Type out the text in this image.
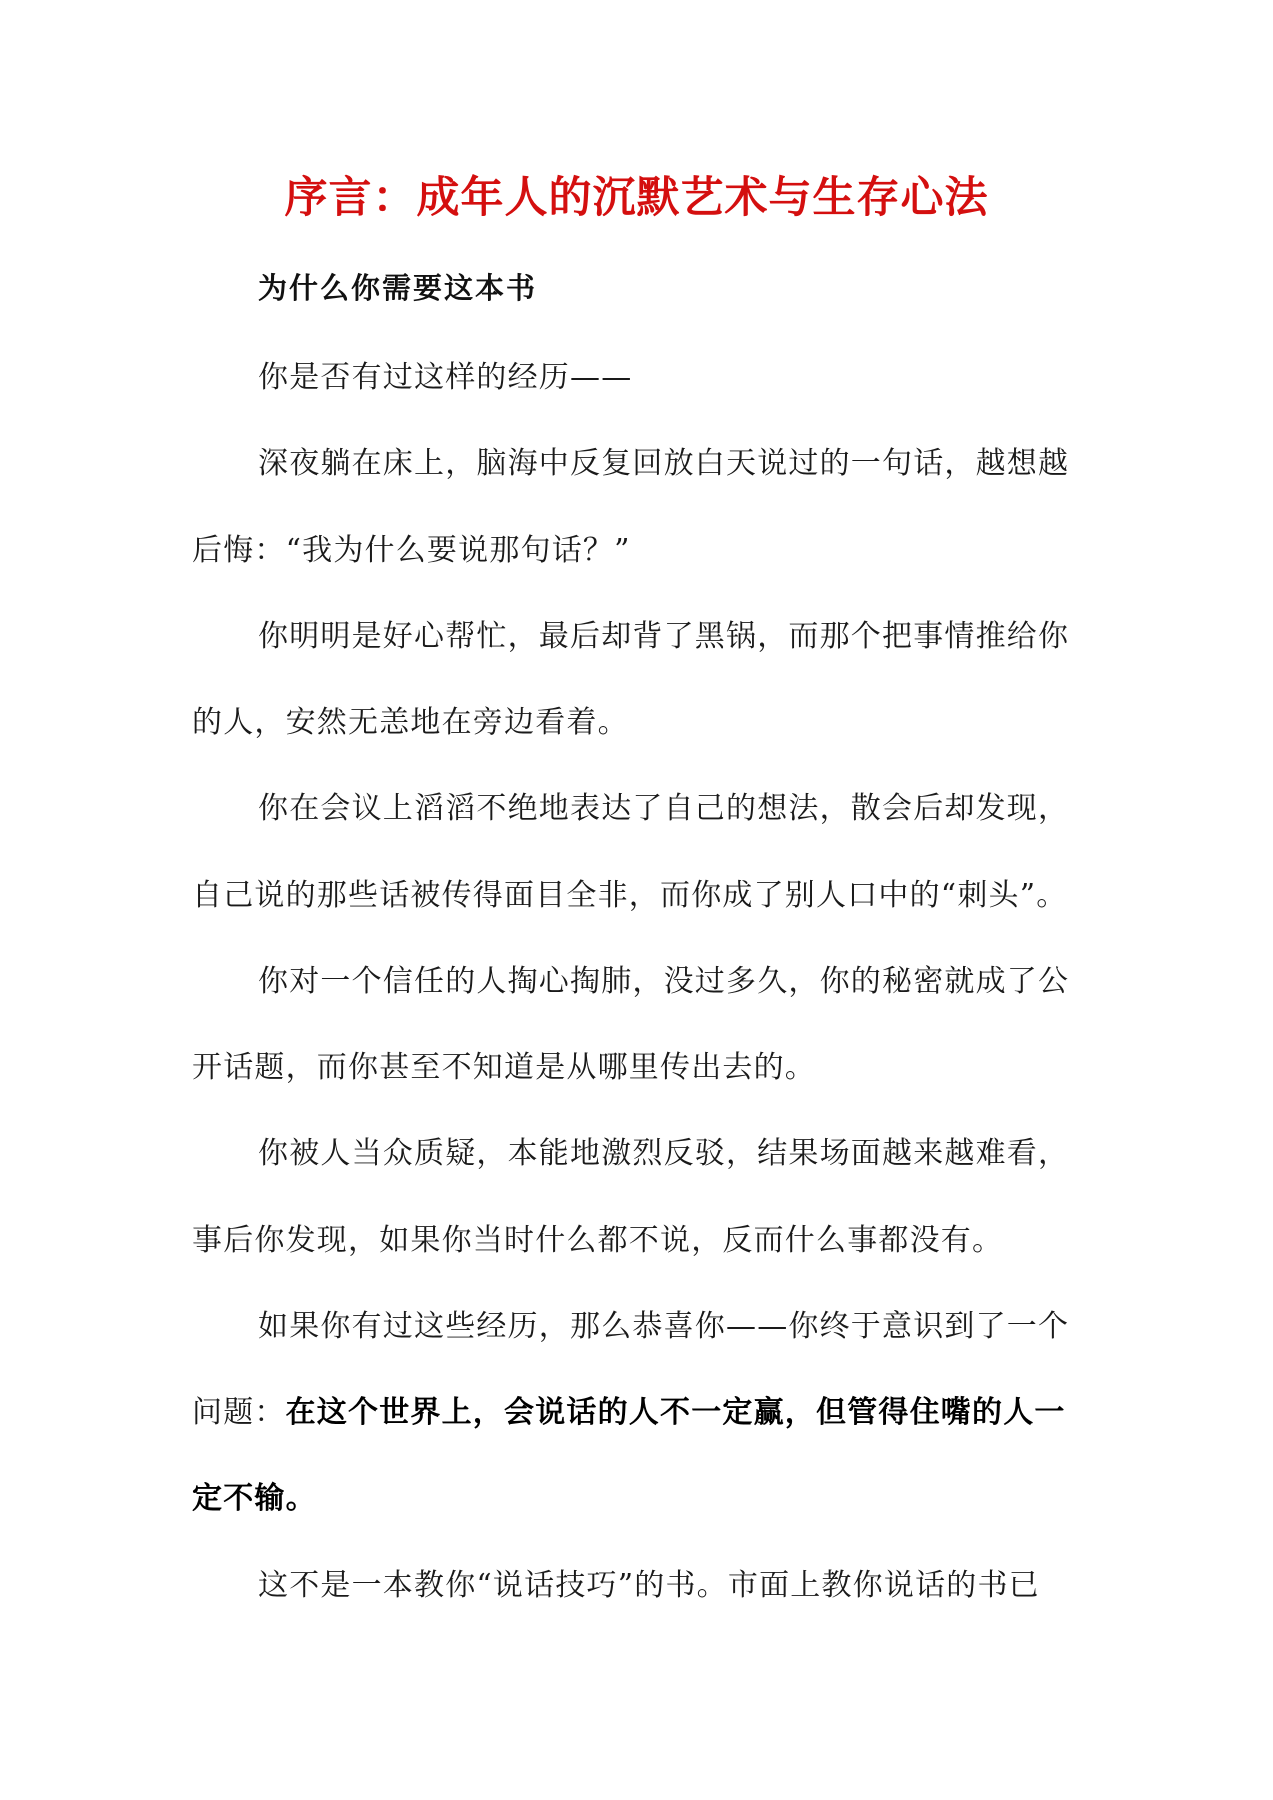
序言：成年人的沉默艺术与生存心法
为什么你需要这本书
你是否有过这样的经历——
深夜躺在床上，脑海中反复回放白天说过的一句话，越想越
后悔：“我为什么要说那句话？”
你明明是好心帮忙，最后却背了黑锅，而那个把事情推给你
的人，安然无恙地在旁边看着。
你在会议上滔滔不绝地表达了自己的想法，散会后却发现，
自己说的那些话被传得面目全非，而你成了别人口中的“刺头”。
你对一个信任的人掏心掏肺，没过多久，你的秘密就成了公
开话题，而你甚至不知道是从哪里传出去的。
你被人当众质疑，本能地激烈反驳，结果场面越来越难看，
事后你发现，如果你当时什么都不说，反而什么事都没有。
如果你有过这些经历，那么恭喜你——你终于意识到了一个
问题：在这个世界上，会说话的人不一定赢，但管得住嘴的人一
定不输。
这不是一本教你“说话技巧”的书。市面上教你说话的书已
